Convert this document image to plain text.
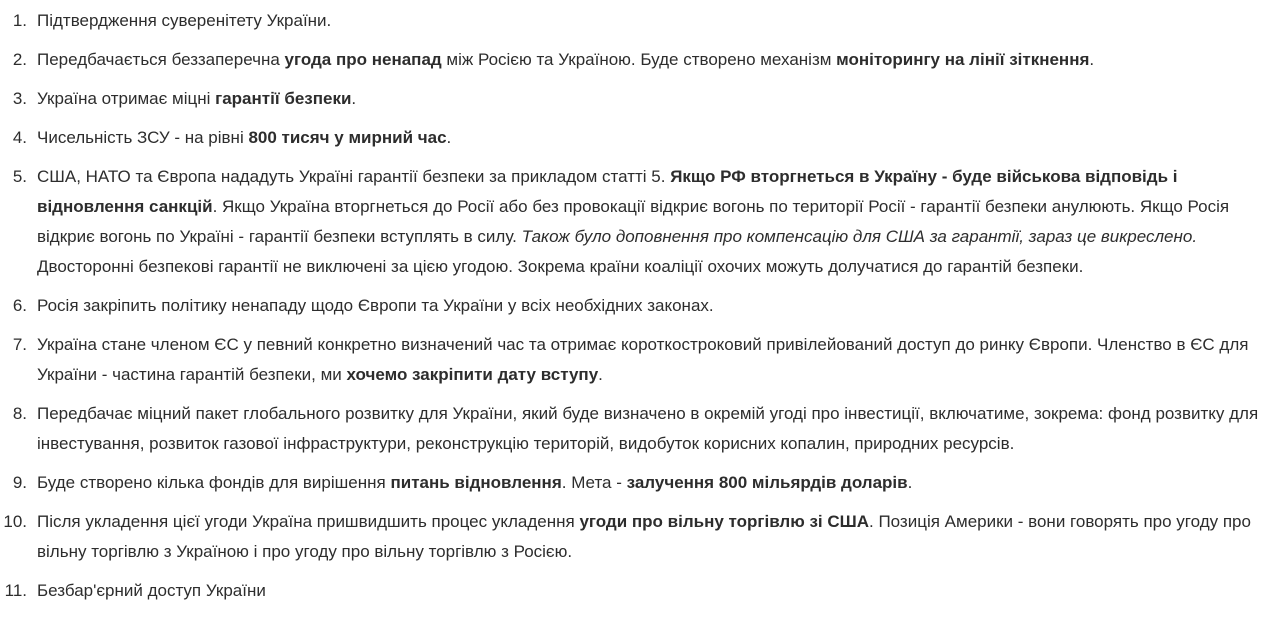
1. Підтвердження суверенітету України.
2. Передбачається беззаперечна угода про ненапад між Росією та Україною. Буде створено механізм моніторингу на лінії зіткнення.
3. Україна отримає міцні гарантії безпеки.
4. Чисельність ЗСУ - на рівні 800 тисяч у мирний час.
5. США, НАТО та Європа нададуть Україні гарантії безпеки за прикладом статті 5. Якщо РФ вторгнеться в Україну - буде військова відповідь і відновлення санкцій. Якщо Україна вторгнеться до Росії або без провокації відкриє вогонь по території Росії - гарантії безпеки анулюють. Якщо Росія відкриє вогонь по Україні - гарантії безпеки вступлять в силу. Також було доповнення про компенсацію для США за гарантії, зараз це викреслено. Двосторонні безпекові гарантії не виключені за цією угодою. Зокрема країни коаліції охочих можуть долучатися до гарантій безпеки.
6. Росія закріпить політику ненападу щодо Європи та України у всіх необхідних законах.
7. Україна стане членом ЄС у певний конкретно визначений час та отримає короткостроковий привілейований доступ до ринку Європи. Членство в ЄС для України - частина гарантій безпеки, ми хочемо закріпити дату вступу.
8. Передбачає міцний пакет глобального розвитку для України, який буде визначено в окремій угоді про інвестиції, включатиме, зокрема: фонд розвитку для інвестування, розвиток газової інфраструктури, реконструкцію територій, видобуток корисних копалин, природних ресурсів.
9. Буде створено кілька фондів для вирішення питань відновлення. Мета - залучення 800 мільярдів доларів.
10. Після укладення цієї угоди Україна пришвидшить процес укладення угоди про вільну торгівлю зі США. Позиція Америки - вони говорять про угоду про вільну торгівлю з Україною і про угоду про вільну торгівлю з Росією.
11. Безбар'єрний доступ України
